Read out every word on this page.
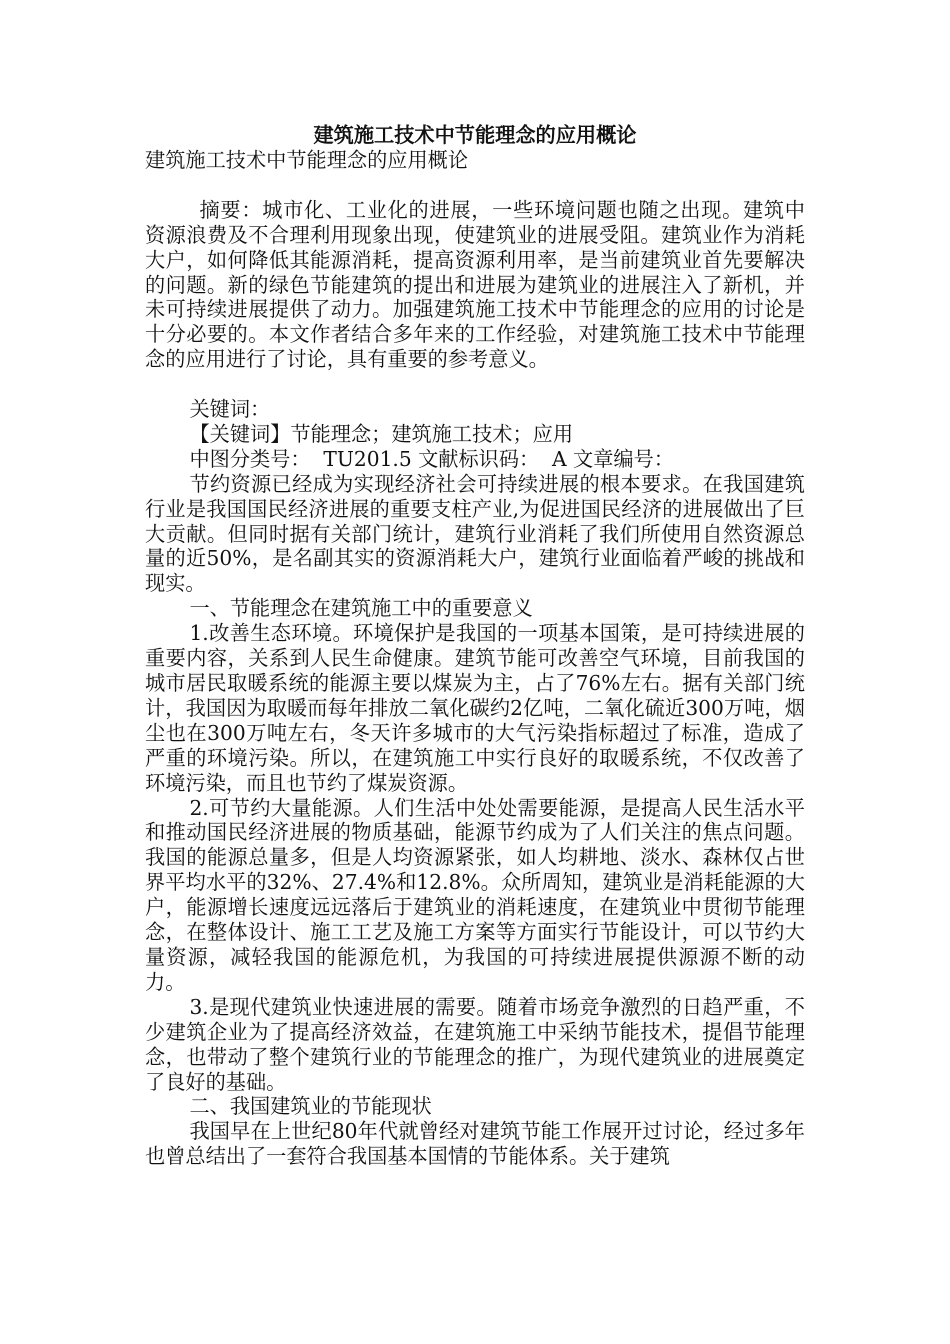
建筑施工技术中节能理念的应用概论

建筑施工技术中节能理念的应用概论

摘要：城市化、工业化的进展，一些环境问题也随之出现。建筑中资源浪费及不合理利用现象出现，使建筑业的进展受阻。建筑业作为消耗大户，如何降低其能源消耗，提高资源利用率，是当前建筑业首先要解决的问题。新的绿色节能建筑的提出和进展为建筑业的进展注入了新机，并未可持续进展提供了动力。加强建筑施工技术中节能理念的应用的讨论是十分必要的。本文作者结合多年来的工作经验，对建筑施工技术中节能理念的应用进行了讨论，具有重要的参考意义。

关键词：

【关键词】节能理念；建筑施工技术；应用

中图分类号：  TU201.5 文献标识码：  A 文章编号：

节约资源已经成为实现经济社会可持续进展的根本要求。在我国建筑行业是我国国民经济进展的重要支柱产业,为促进国民经济的进展做出了巨大贡献。但同时据有关部门统计，建筑行业消耗了我们所使用自然资源总量的近50%，是名副其实的资源消耗大户，建筑行业面临着严峻的挑战和现实。

一、节能理念在建筑施工中的重要意义

1.改善生态环境。环境保护是我国的一项基本国策，是可持续进展的重要内容，关系到人民生命健康。建筑节能可改善空气环境，目前我国的城市居民取暖系统的能源主要以煤炭为主，占了76%左右。据有关部门统计，我国因为取暖而每年排放二氧化碳约2亿吨，二氧化硫近300万吨，烟尘也在300万吨左右，冬天许多城市的大气污染指标超过了标准，造成了严重的环境污染。所以，在建筑施工中实行良好的取暖系统，不仅改善了环境污染，而且也节约了煤炭资源。

2.可节约大量能源。人们生活中处处需要能源，是提高人民生活水平和推动国民经济进展的物质基础，能源节约成为了人们关注的焦点问题。我国的能源总量多，但是人均资源紧张，如人均耕地、淡水、森林仅占世界平均水平的32%、27.4%和12.8%。众所周知，建筑业是消耗能源的大户，能源增长速度远远落后于建筑业的消耗速度，在建筑业中贯彻节能理念，在整体设计、施工工艺及施工方案等方面实行节能设计，可以节约大量资源，减轻我国的能源危机，为我国的可持续进展提供源源不断的动力。

3.是现代建筑业快速进展的需要。随着市场竞争激烈的日趋严重，不少建筑企业为了提高经济效益，在建筑施工中采纳节能技术，提倡节能理念，也带动了整个建筑行业的节能理念的推广，为现代建筑业的进展奠定了良好的基础。

二、我国建筑业的节能现状

我国早在上世纪80年代就曾经对建筑节能工作展开过讨论，经过多年也曾总结出了一套符合我国基本国情的节能体系。关于建筑
